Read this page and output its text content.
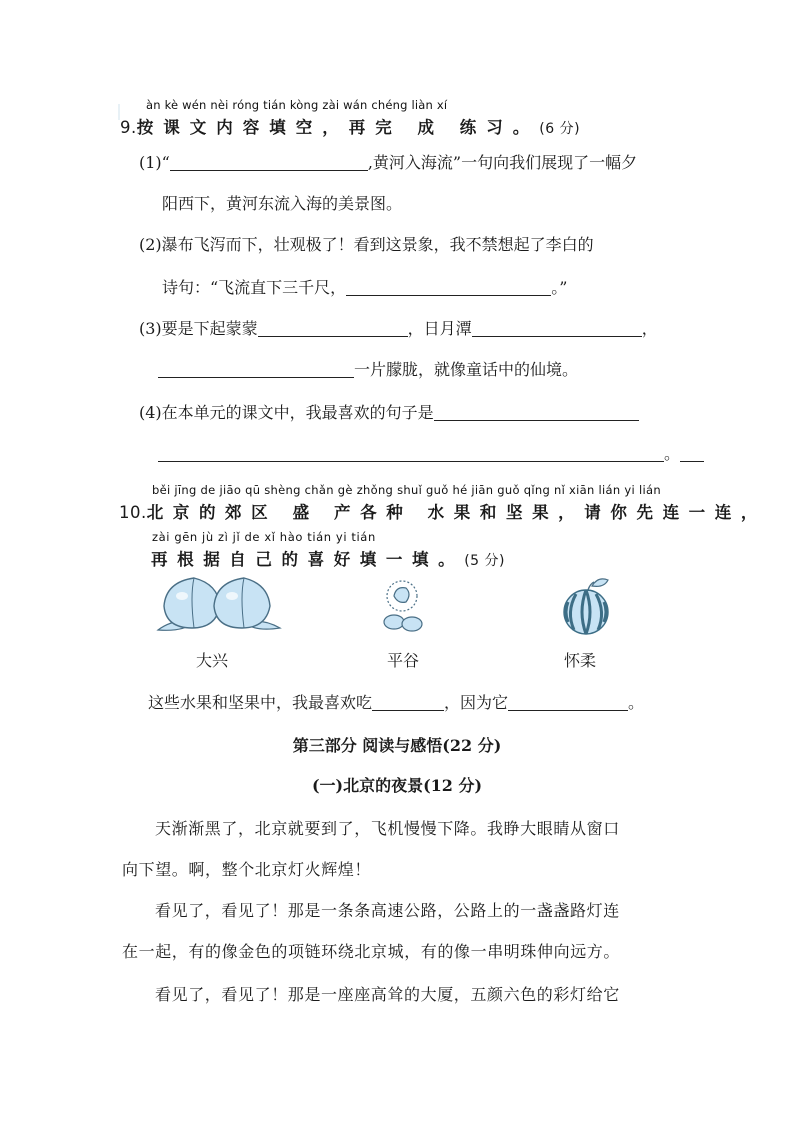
àn kè wén nèi róng tián kòng zài wán chéng liàn xí
9.按课文内容填空，再完 成 练习。(6 分)
(1)“	,黄河入海流”一句向我们展现了一幅夕
阳西下，黄河东流入海的美景图。
(2)瀑布飞泻而下，壮观极了！看到这景象，我不禁想起了李白的
诗句：“飞流直下三千尺，	。”
(3)要是下起蒙蒙	，日月潭	，
一片朦胧，就像童话中的仙境。
(4)在本单元的课文中，我最喜欢的句子是
。
běi jīng de jiāo qū shèng chǎn gè zhǒng shuǐ guǒ hé jiān guǒ qǐng nǐ xiān lián yi lián
10.北京的郊区 盛 产各种 水果和坚果，请你先连一连，
zài gēn jù zì jǐ de xǐ hào tián yi tián
再根据自己的喜好填一填。(5 分)
大兴	平谷	怀柔
这些水果和坚果中，我最喜欢吃	，因为它	。
第三部分 阅读与感悟(22 分)
(一)北京的夜景(12 分)
天渐渐黑了，北京就要到了，飞机慢慢下降。我睁大眼睛从窗口
向下望。啊，整个北京灯火辉煌！
看见了，看见了！那是一条条高速公路，公路上的一盏盏路灯连
在一起，有的像金色的项链环绕北京城，有的像一串明珠伸向远方。
看见了，看见了！那是一座座高耸的大厦，五颜六色的彩灯给它
